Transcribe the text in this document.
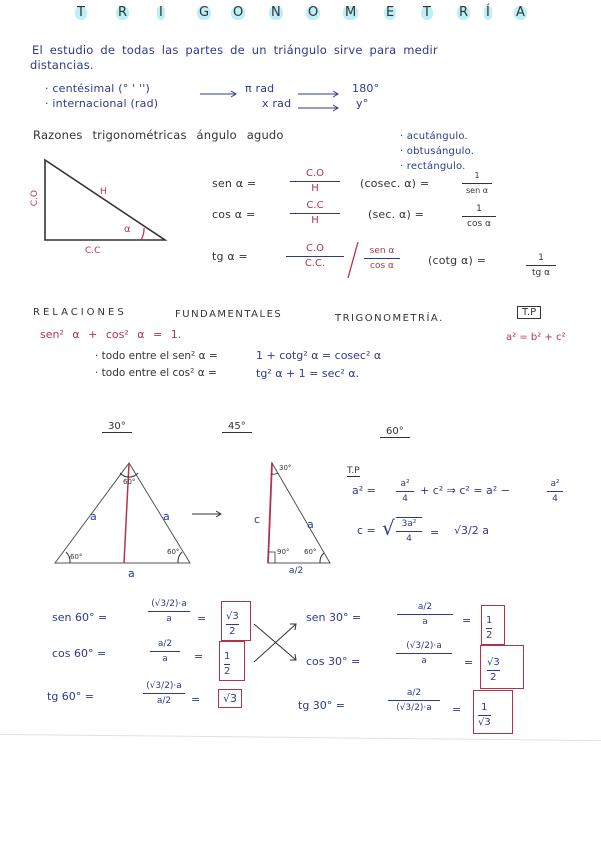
T	R I	G O N O M E T R Í A
El estudio de todas las partes de un triángulo sirve para medir
distancias.
· centésimal (° ' '')
· internacional (rad)
π rad	180°
x rad	y°
Razones trigonométricas ángulo agudo	· acutángulo.
· obtusángulo.
· rectángulo.
C.O	H
C.C
α
sen α =
C.O
H	(cosec. α) =
1
sen α
cos α =
C.C
H	(sec. α) =	1
cos α
tg α =
C.O
C.C.
sen α
cos α	(cotg α) =	1
tg α
RELACIONES	FUNDAMENTALES	TRIGONOMETRÍA.
T.P
a² = b² + c²
sen² α + cos² α = 1.
· todo entre el sen² α =	1 + cotg² α = cosec² α
· todo entre el cos² α =	tg² α + 1 = sec² α.
30°	45°	60°
60°
60°
60°
a	a
a
30°
90° 60°
c	a
a/2
T.P
a² =	a²
4
+ c² ⇒ c² = a² −	a²
4
c = √ 3a²
4 = √3/2 a
sen 60° =
(√3/2)·a
$a = \frac{√3}{2}$
cos 60° =
a/2
$a = \frac{1}{2}$
tg 60° =
(√3/2)·a
a/2 =	√3
sen 30° =
a/2
a	= $\frac{1}{2}$
cos 30° =
(√3/2)·a
a	= $\frac{√3}{2}$
tg 30° =
a/2
$(√3/2)\cdot a = \frac{1}{√3}$
